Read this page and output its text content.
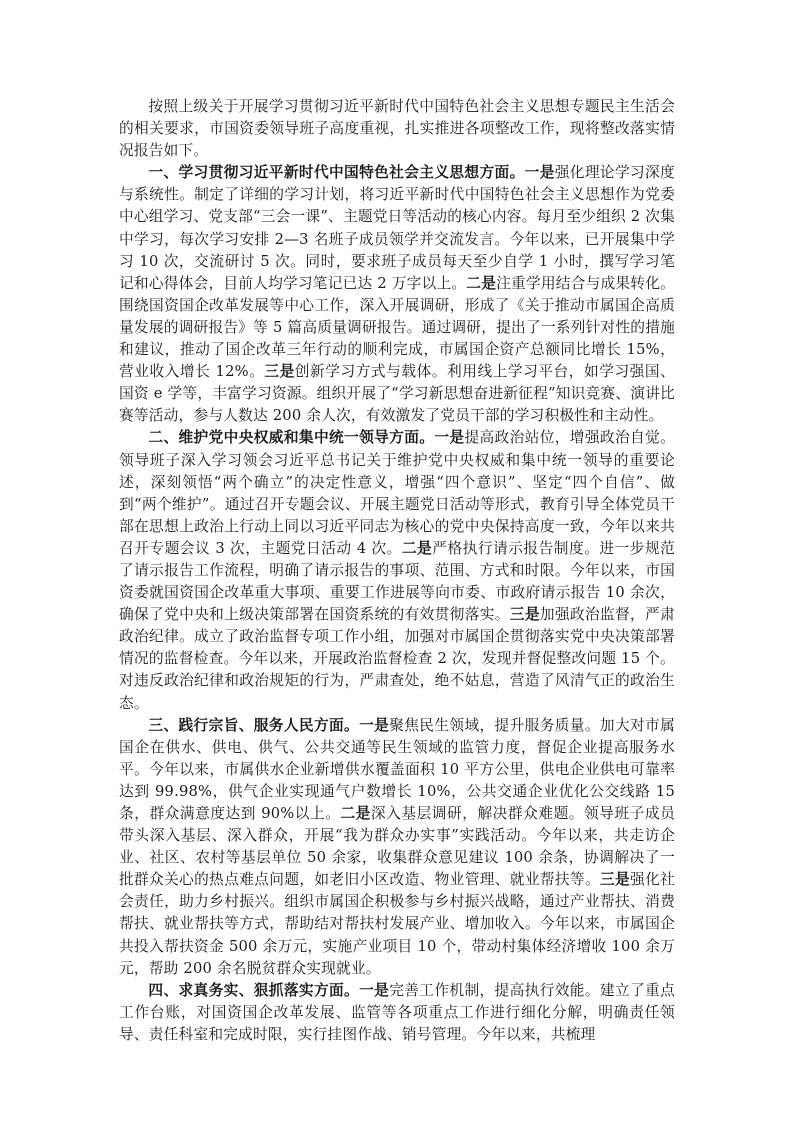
按照上级关于开展学习贯彻习近平新时代中国特色社会主义思想专题民主生活会的相关要求，市国资委领导班子高度重视，扎实推进各项整改工作，现将整改落实情况报告如下。

一、学习贯彻习近平新时代中国特色社会主义思想方面。一是强化理论学习深度与系统性。制定了详细的学习计划，将习近平新时代中国特色社会主义思想作为党委中心组学习、党支部“三会一课”、主题党日等活动的核心内容。每月至少组织 2 次集中学习，每次学习安排 2—3 名班子成员领学并交流发言。今年以来，已开展集中学习 10 次，交流研讨 5 次。同时，要求班子成员每天至少自学 1 小时，撰写学习笔记和心得体会，目前人均学习笔记已达 2 万字以上。二是注重学用结合与成果转化。围绕国资国企改革发展等中心工作，深入开展调研，形成了《关于推动市属国企高质量发展的调研报告》等 5 篇高质量调研报告。通过调研，提出了一系列针对性的措施和建议，推动了国企改革三年行动的顺利完成，市属国企资产总额同比增长 15%，营业收入增长 12%。三是创新学习方式与载体。利用线上学习平台，如学习强国、国资 e 学等，丰富学习资源。组织开展了“学习新思想奋进新征程”知识竞赛、演讲比赛等活动，参与人数达 200 余人次，有效激发了党员干部的学习积极性和主动性。

二、维护党中央权威和集中统一领导方面。一是提高政治站位，增强政治自觉。领导班子深入学习领会习近平总书记关于维护党中央权威和集中统一领导的重要论述，深刻领悟“两个确立”的决定性意义，增强“四个意识”、坚定“四个自信”、做到“两个维护”。通过召开专题会议、开展主题党日活动等形式，教育引导全体党员干部在思想上政治上行动上同以习近平同志为核心的党中央保持高度一致，今年以来共召开专题会议 3 次，主题党日活动 4 次。二是严格执行请示报告制度。进一步规范了请示报告工作流程，明确了请示报告的事项、范围、方式和时限。今年以来，市国资委就国资国企改革重大事项、重要工作进展等向市委、市政府请示报告 10 余次，确保了党中央和上级决策部署在国资系统的有效贯彻落实。三是加强政治监督，严肃政治纪律。成立了政治监督专项工作小组，加强对市属国企贯彻落实党中央决策部署情况的监督检查。今年以来，开展政治监督检查 2 次，发现并督促整改问题 15 个。对违反政治纪律和政治规矩的行为，严肃查处，绝不姑息，营造了风清气正的政治生态。

三、践行宗旨、服务人民方面。一是聚焦民生领域，提升服务质量。加大对市属国企在供水、供电、供气、公共交通等民生领域的监管力度，督促企业提高服务水平。今年以来，市属供水企业新增供水覆盖面积 10 平方公里，供电企业供电可靠率达到 99.98%，供气企业实现通气户数增长 10%，公共交通企业优化公交线路 15 条，群众满意度达到 90%以上。二是深入基层调研，解决群众难题。领导班子成员带头深入基层、深入群众，开展“我为群众办实事”实践活动。今年以来，共走访企业、社区、农村等基层单位 50 余家，收集群众意见建议 100 余条，协调解决了一批群众关心的热点难点问题，如老旧小区改造、物业管理、就业帮扶等。三是强化社会责任，助力乡村振兴。组织市属国企积极参与乡村振兴战略，通过产业帮扶、消费帮扶、就业帮扶等方式，帮助结对帮扶村发展产业、增加收入。今年以来，市属国企共投入帮扶资金 500 余万元，实施产业项目 10 个，带动村集体经济增收 100 余万元，帮助 200 余名脱贫群众实现就业。

四、求真务实、狠抓落实方面。一是完善工作机制，提高执行效能。建立了重点工作台账，对国资国企改革发展、监管等各项重点工作进行细化分解，明确责任领导、责任科室和完成时限，实行挂图作战、销号管理。今年以来，共梳理
